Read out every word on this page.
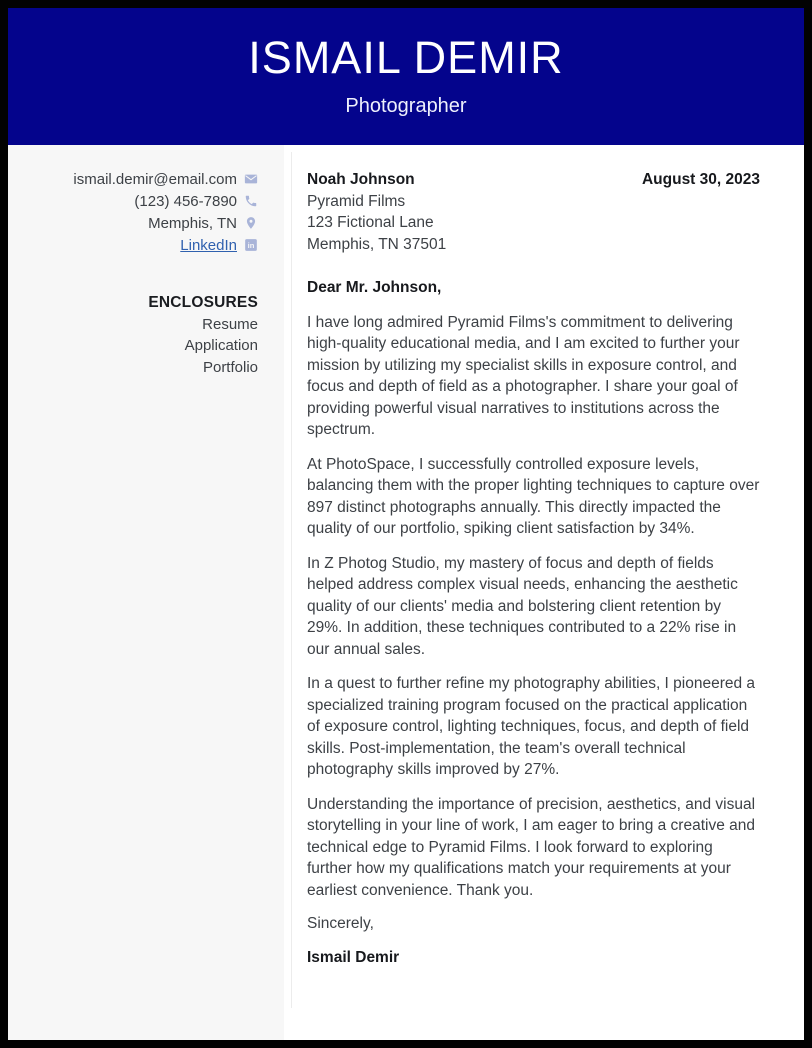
ISMAIL DEMIR
Photographer
ismail.demir@email.com
(123) 456-7890
Memphis, TN
LinkedIn in
ENCLOSURES
Resume
Application
Portfolio
Noah Johnson
Pyramid Films
123 Fictional Lane
Memphis, TN 37501
August 30, 2023
Dear Mr. Johnson,

I have long admired Pyramid Films's commitment to delivering high-quality educational media, and I am excited to further your mission by utilizing my specialist skills in exposure control, and focus and depth of field as a photographer. I share your goal of providing powerful visual narratives to institutions across the spectrum.

At PhotoSpace, I successfully controlled exposure levels, balancing them with the proper lighting techniques to capture over 897 distinct photographs annually. This directly impacted the quality of our portfolio, spiking client satisfaction by 34%.

In Z Photog Studio, my mastery of focus and depth of fields helped address complex visual needs, enhancing the aesthetic quality of our clients' media and bolstering client retention by 29%. In addition, these techniques contributed to a 22% rise in our annual sales.

In a quest to further refine my photography abilities, I pioneered a specialized training program focused on the practical application of exposure control, lighting techniques, focus, and depth of field skills. Post-implementation, the team's overall technical photography skills improved by 27%.

Understanding the importance of precision, aesthetics, and visual storytelling in your line of work, I am eager to bring a creative and technical edge to Pyramid Films. I look forward to exploring further how my qualifications match your requirements at your earliest convenience. Thank you.

Sincerely,
Ismail Demir
